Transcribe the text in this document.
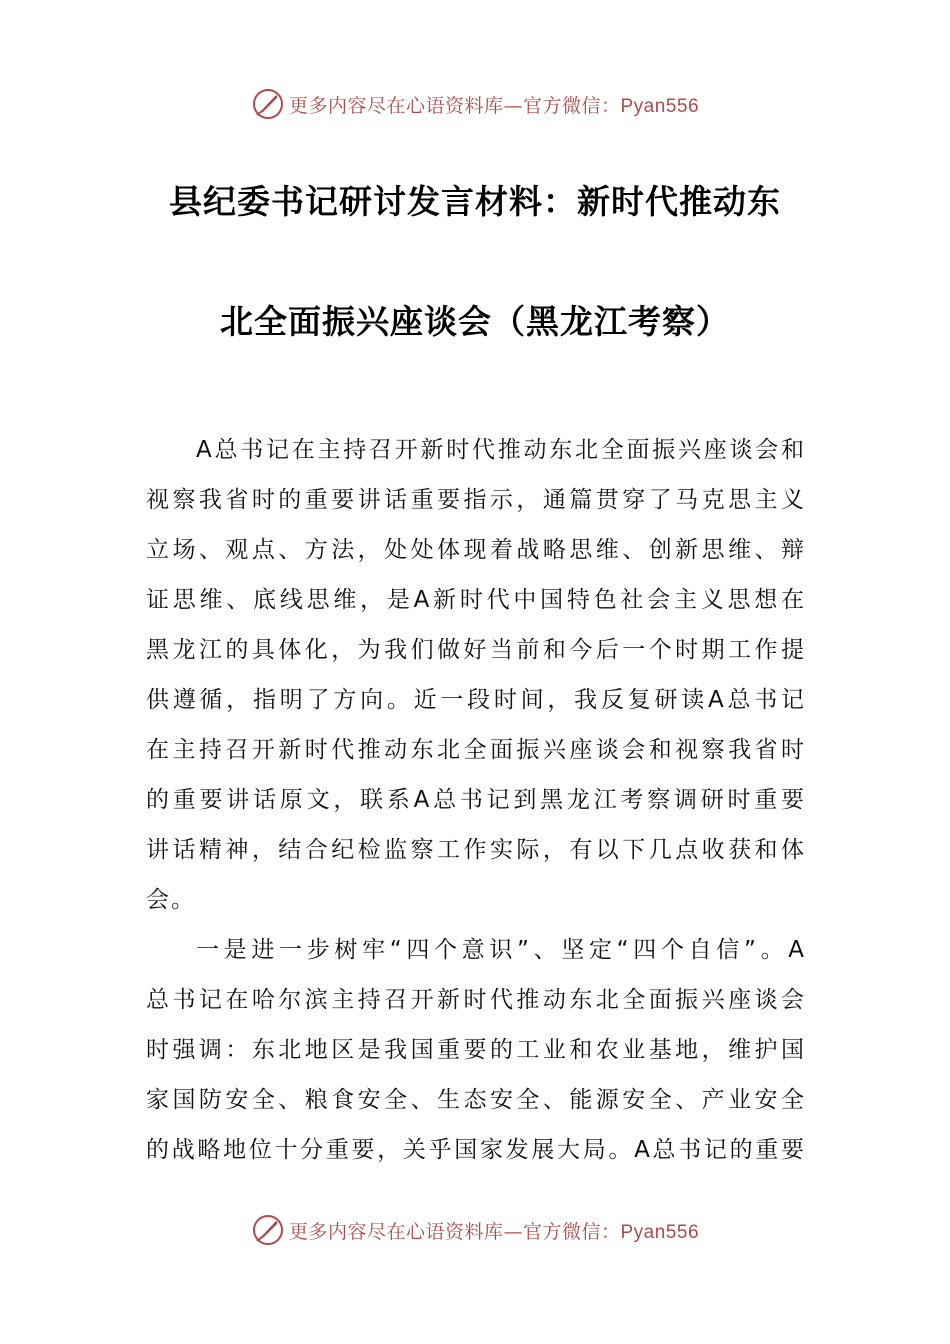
更多内容尽在心语资料库—官方微信：Pyan556
县纪委书记研讨发言材料：新时代推动东
北全面振兴座谈会（黑龙江考察）
A总书记在主持召开新时代推动东北全面振兴座谈会和
视察我省时的重要讲话重要指示，通篇贯穿了马克思主义
立场、观点、方法，处处体现着战略思维、创新思维、辩
证思维、底线思维，是A新时代中国特色社会主义思想在
黑龙江的具体化，为我们做好当前和今后一个时期工作提
供遵循，指明了方向。近一段时间，我反复研读A总书记
在主持召开新时代推动东北全面振兴座谈会和视察我省时
的重要讲话原文，联系A总书记到黑龙江考察调研时重要
讲话精神，结合纪检监察工作实际，有以下几点收获和体
会。
一是进一步树牢“四个意识”、坚定“四个自信”。A
总书记在哈尔滨主持召开新时代推动东北全面振兴座谈会
时强调：东北地区是我国重要的工业和农业基地，维护国
家国防安全、粮食安全、生态安全、能源安全、产业安全
的战略地位十分重要，关乎国家发展大局。A总书记的重要
更多内容尽在心语资料库—官方微信：Pyan556
